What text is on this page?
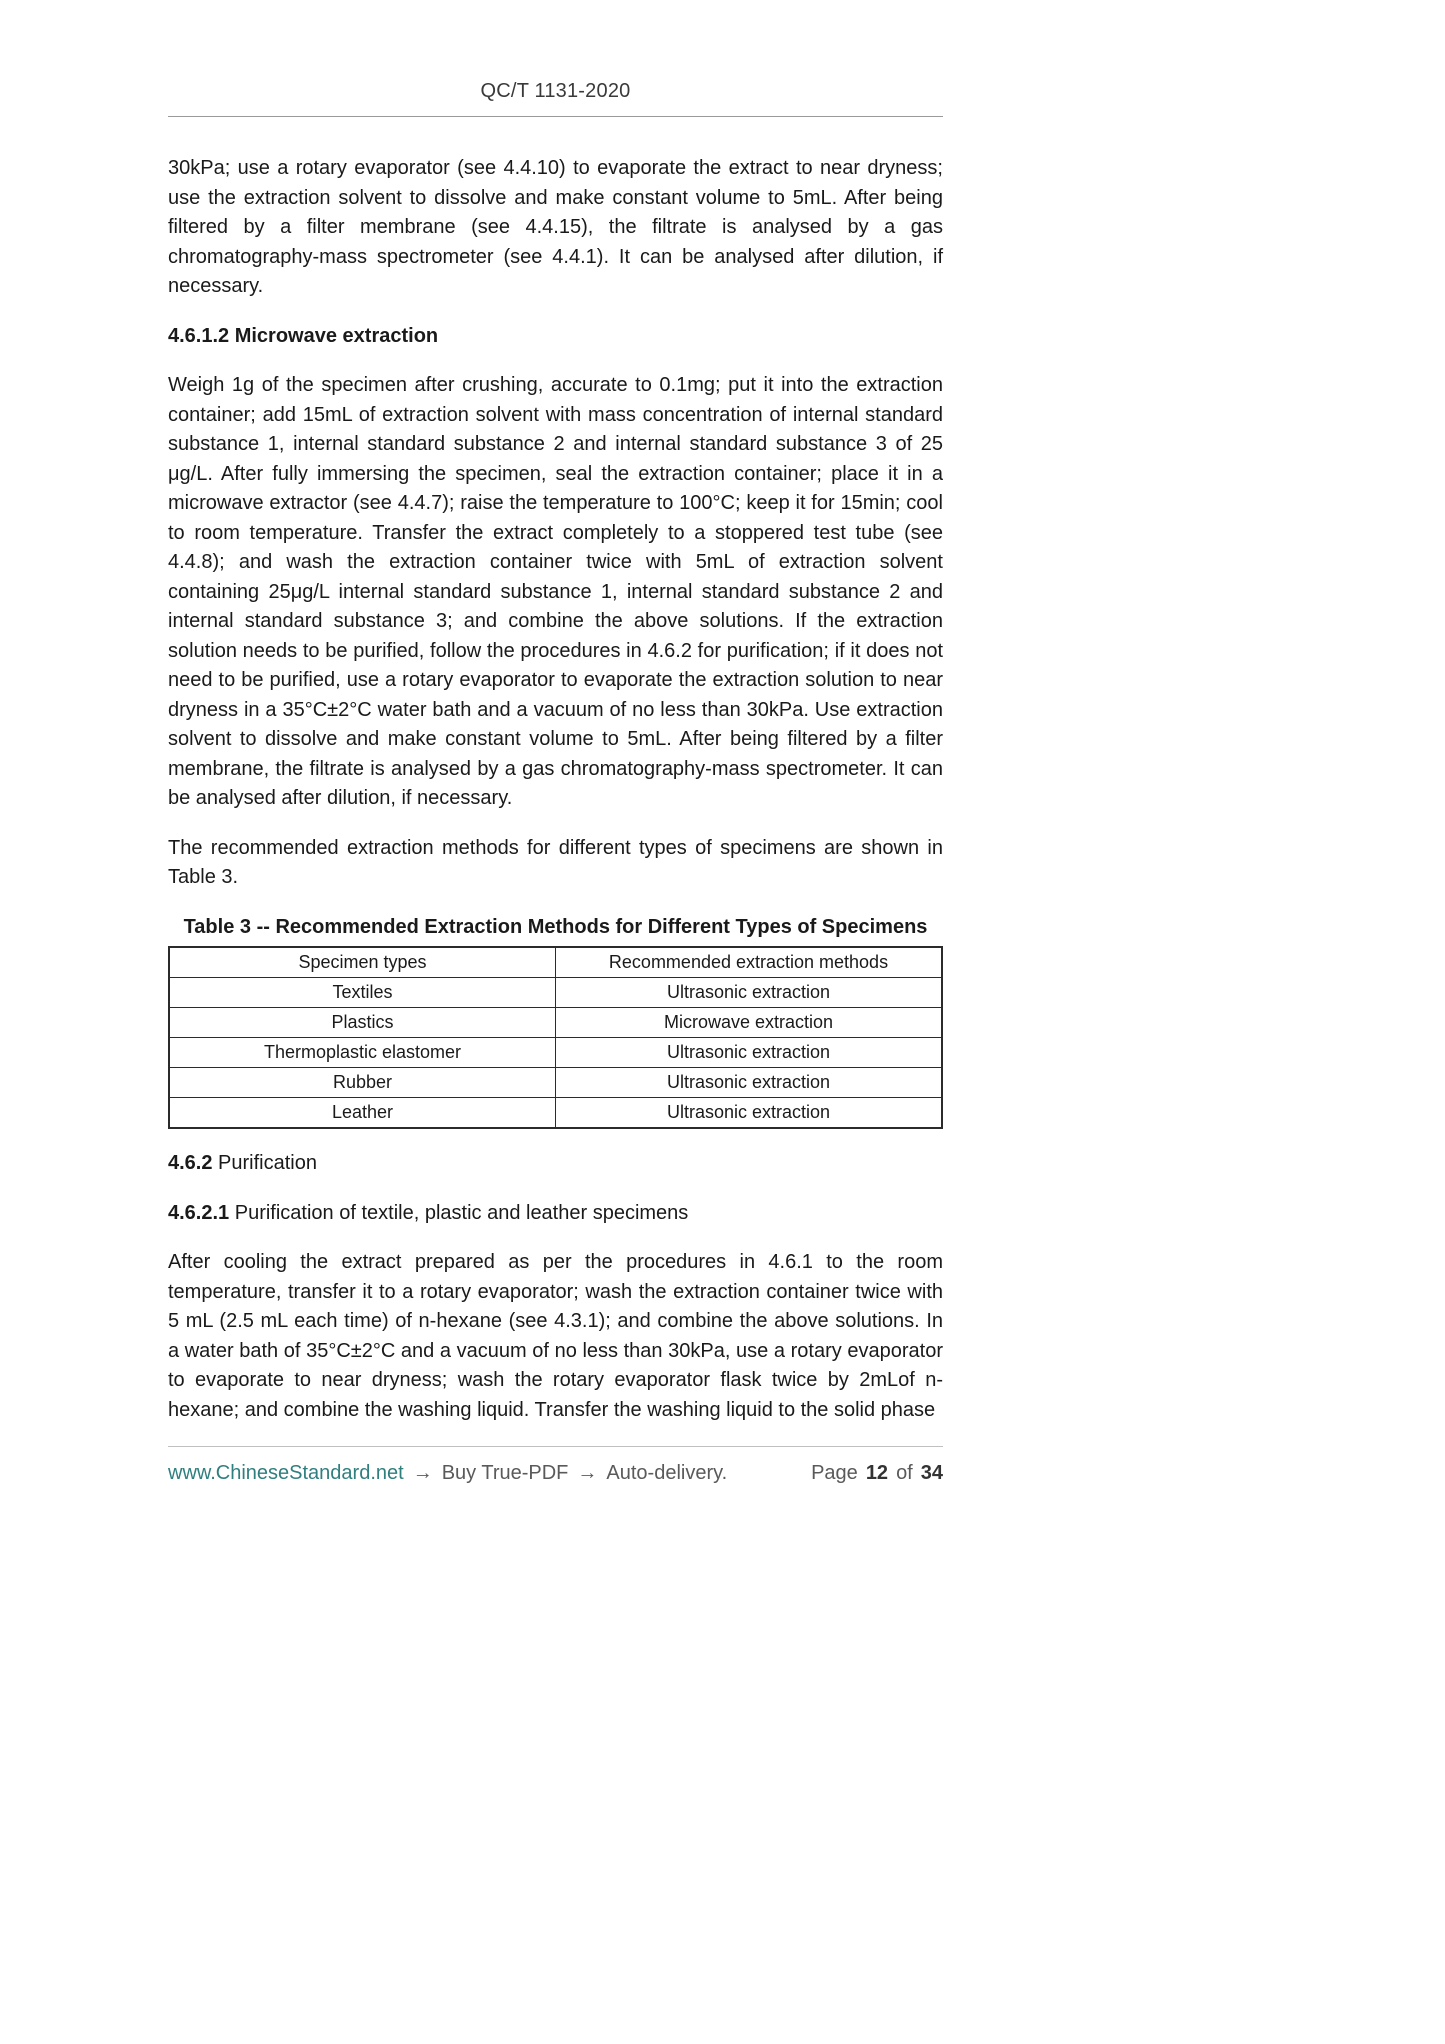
QC/T 1131-2020

30kPa; use a rotary evaporator (see 4.4.10) to evaporate the extract to near dryness; use the extraction solvent to dissolve and make constant volume to 5mL. After being filtered by a filter membrane (see 4.4.15), the filtrate is analysed by a gas chromatography-mass spectrometer (see 4.4.1). It can be analysed after dilution, if necessary.

4.6.1.2 Microwave extraction

Weigh 1g of the specimen after crushing, accurate to 0.1mg; put it into the extraction container; add 15mL of extraction solvent with mass concentration of internal standard substance 1, internal standard substance 2 and internal standard substance 3 of 25 μg/L. After fully immersing the specimen, seal the extraction container; place it in a microwave extractor (see 4.4.7); raise the temperature to 100°C; keep it for 15min; cool to room temperature. Transfer the extract completely to a stoppered test tube (see 4.4.8); and wash the extraction container twice with 5mL of extraction solvent containing 25μg/L internal standard substance 1, internal standard substance 2 and internal standard substance 3; and combine the above solutions. If the extraction solution needs to be purified, follow the procedures in 4.6.2 for purification; if it does not need to be purified, use a rotary evaporator to evaporate the extraction solution to near dryness in a 35°C±2°C water bath and a vacuum of no less than 30kPa. Use extraction solvent to dissolve and make constant volume to 5mL. After being filtered by a filter membrane, the filtrate is analysed by a gas chromatography-mass spectrometer. It can be analysed after dilution, if necessary.

The recommended extraction methods for different types of specimens are shown in Table 3.

Table 3 -- Recommended Extraction Methods for Different Types of Specimens
Specimen types	Recommended extraction methods
Textiles	Ultrasonic extraction
Plastics	Microwave extraction
Thermoplastic elastomer	Ultrasonic extraction
Rubber	Ultrasonic extraction
Leather	Ultrasonic extraction
4.6.2 Purification
4.6.2.1 Purification of textile, plastic and leather specimens

After cooling the extract prepared as per the procedures in 4.6.1 to the room temperature, transfer it to a rotary evaporator; wash the extraction container twice with 5 mL (2.5 mL each time) of n-hexane (see 4.3.1); and combine the above solutions. In a water bath of 35°C±2°C and a vacuum of no less than 30kPa, use a rotary evaporator to evaporate to near dryness; wash the rotary evaporator flask twice by 2mLof n-hexane; and combine the washing liquid. Transfer the washing liquid to the solid phase

www.ChineseStandard.net → Buy True-PDF → Auto-delivery.	Page 12 of 34
